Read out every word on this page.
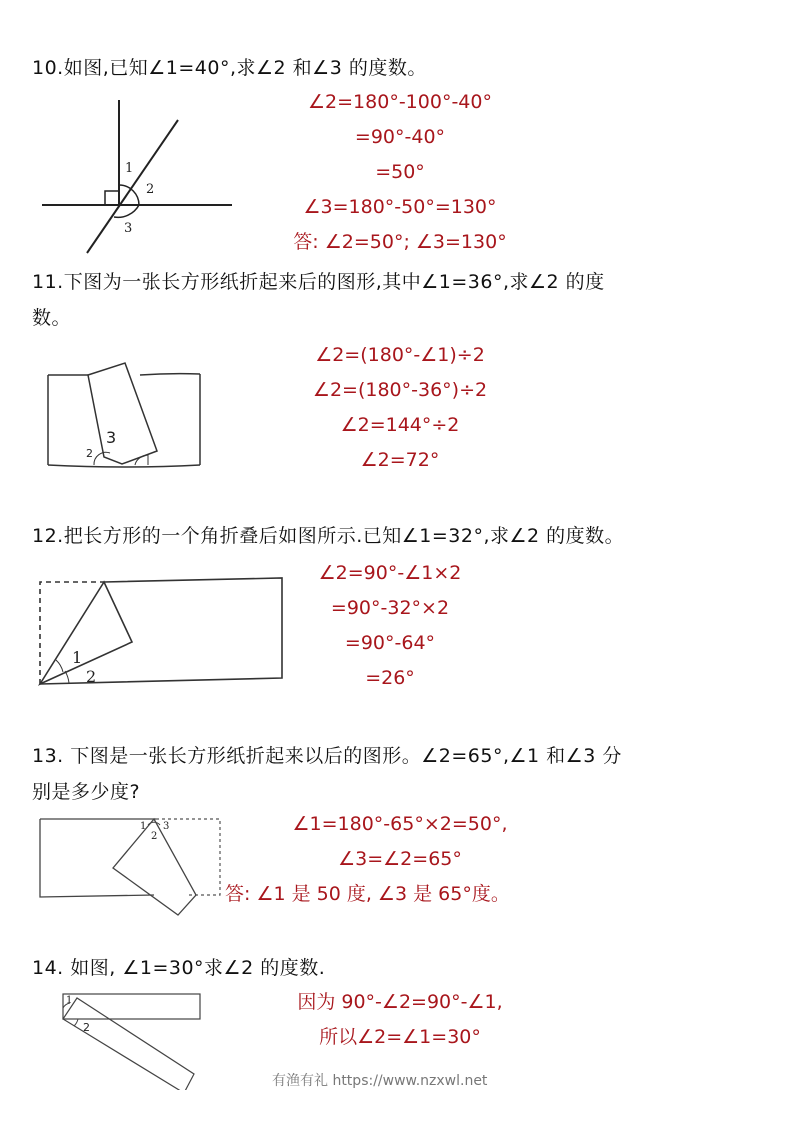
10.如图,已知∠1=40°,求∠2 和∠3 的度数。
1
2
3
∠2=180°-100°-40°
=90°-40°
=50°
∠3=180°-50°=130°
答: ∠2=50°; ∠3=130°
11.下图为一张长方形纸折起来后的图形,其中∠1=36°,求∠2 的度
数。
2
3
∠2=(180°-∠1)÷2
∠2=(180°-36°)÷2
∠2=144°÷2
∠2=72°
12.把长方形的一个角折叠后如图所示.已知∠1=32°,求∠2 的度数。
1
2
∠2=90°-∠1×2
=90°-32°×2
=90°-64°
=26°
13. 下图是一张长方形纸折起来以后的图形。∠2=65°,∠1 和∠3 分
别是多少度?
1
2
3	∠1=180°-65°×2=50°,
∠3=∠2=65°
答: ∠1 是 50 度, ∠3 是 65°度。
14. 如图, ∠1=30°求∠2 的度数.
1
2
因为 90°-∠2=90°-∠1,
所以∠2=∠1=30°
有渔有礼 https://www.nzxwl.net
